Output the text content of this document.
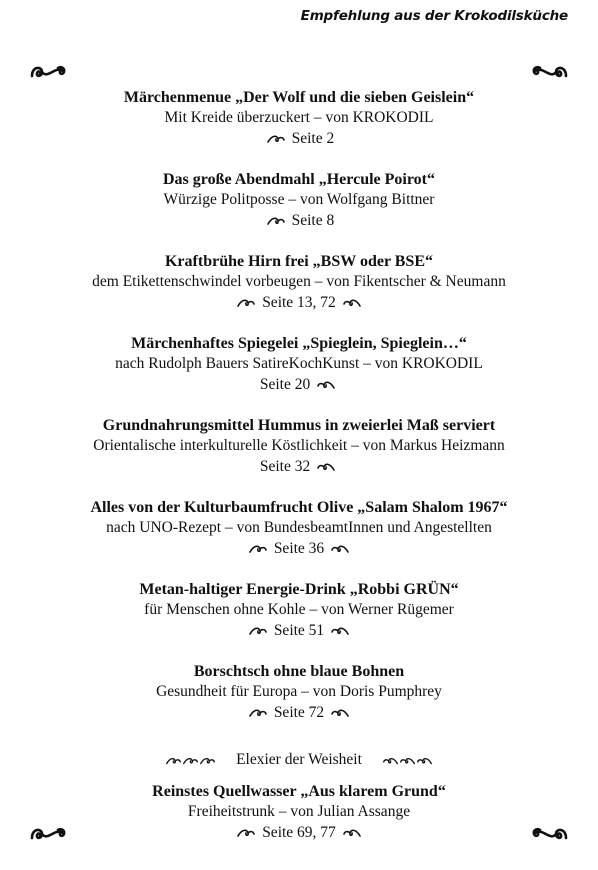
Empfehlung aus der Krokodilsküche
Märchenmenue „Der Wolf und die sieben Geislein“
Mit Kreide überzuckert – von KROKODIL
Seite 2
Das große Abendmahl „Hercule Poirot“
Würzige Politposse – von Wolfgang Bittner
Seite 8
Kraftbrühe Hirn frei „BSW oder BSE“
dem Etikettenschwindel vorbeugen – von Fikentscher & Neumann
Seite 13, 72
Märchenhaftes Spiegelei „Spieglein, Spieglein…“
nach Rudolph Bauers SatireKochKunst – von KROKODIL
Seite 20
Grundnahrungsmittel Hummus in zweierlei Maß serviert
Orientalische interkulturelle Köstlichkeit – von Markus Heizmann
Seite 32
Alles von der Kulturbaumfrucht Olive „Salam Shalom 1967“
nach UNO-Rezept – von BundesbeamtInnen und Angestellten
Seite 36
Metan-haltiger Energie-Drink „Robbi GRÜN“
für Menschen ohne Kohle – von Werner Rügemer
Seite 51
Borschtsch ohne blaue Bohnen
Gesundheit für Europa – von Doris Pumphrey
Seite 72
Elexier der Weisheit
Reinstes Quellwasser „Aus klarem Grund“
Freiheitstrunk – von Julian Assange
Seite 69, 77
